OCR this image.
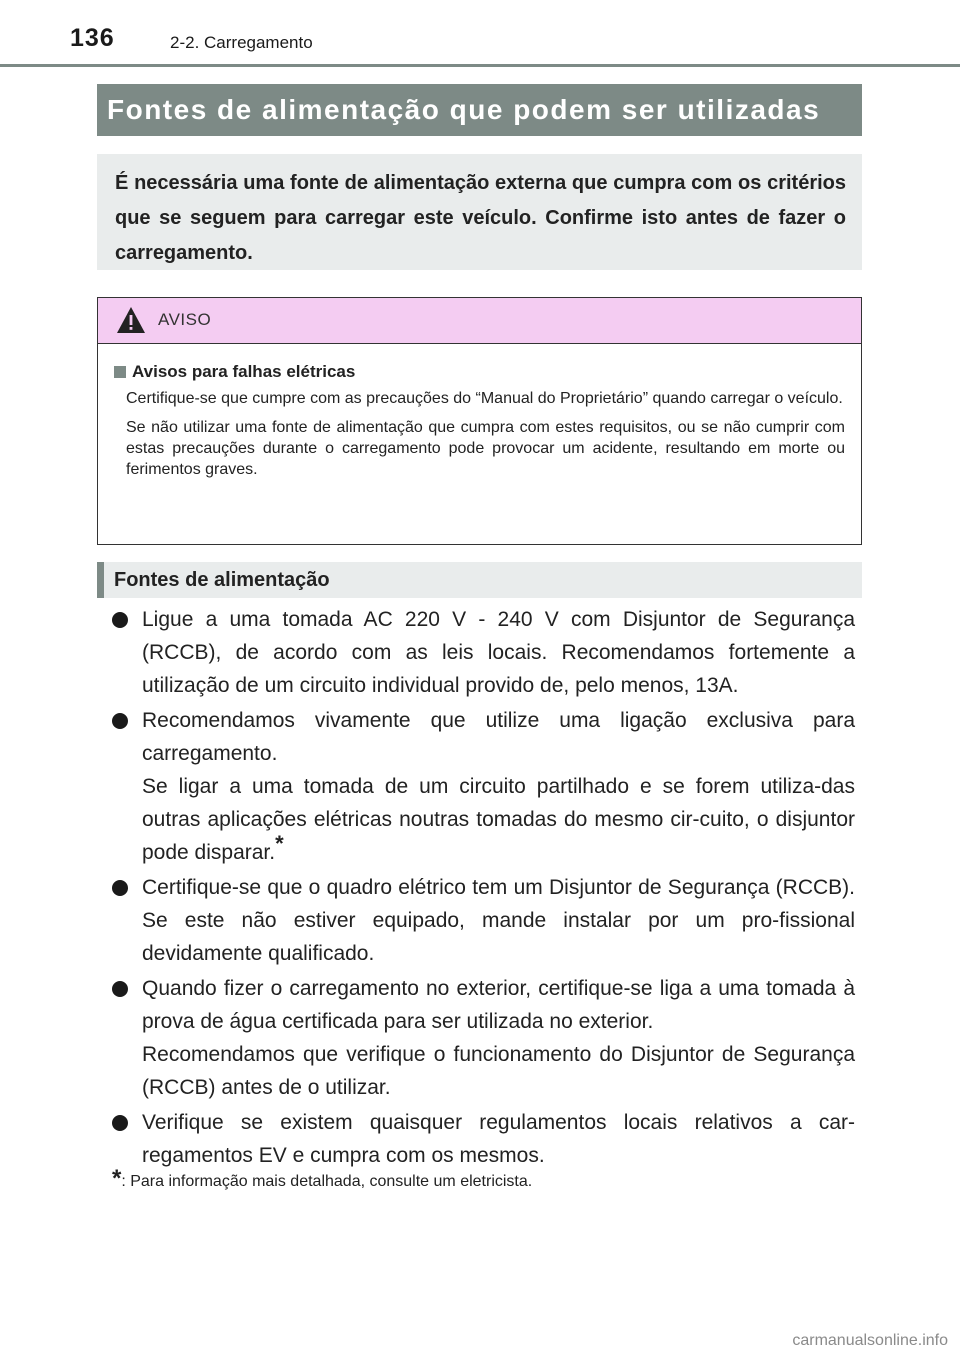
136	2-2. Carregamento
Fontes de alimentação que podem ser utilizadas

É necessária uma fonte de alimentação externa que cumpra com os critérios que se seguem para carregar este veículo. Confirme isto antes de fazer o carregamento.

AVISO
Avisos para falhas elétricas

Certifique-se que cumpre com as precauções do “Manual do Proprietário” quando carregar o veículo.

Se não utilizar uma fonte de alimentação que cumpra com estes requisitos, ou se não cumprir com estas precauções durante o carregamento pode provocar um acidente, resultando em morte ou ferimentos graves.

Fontes de alimentação

Ligue a uma tomada AC 220 V - 240 V com Disjuntor de Segurança (RCCB), de acordo com as leis locais. Recomendamos fortemente a utilização de um circuito individual provido de, pelo menos, 13A.

Recomendamos vivamente que utilize uma ligação exclusiva para carregamento.

Se ligar a uma tomada de um circuito partilhado e se forem utiliza-das outras aplicações elétricas noutras tomadas do mesmo cir-cuito, o disjuntor pode disparar.*

Certifique-se que o quadro elétrico tem um Disjuntor de Segurança (RCCB). Se este não estiver equipado, mande instalar por um pro-fissional devidamente qualificado.

Quando fizer o carregamento no exterior, certifique-se liga a uma tomada à prova de água certificada para ser utilizada no exterior.

Recomendamos que verifique o funcionamento do Disjuntor de Segurança (RCCB) antes de o utilizar.

Verifique se existem quaisquer regulamentos locais relativos a car-regamentos EV e cumpra com os mesmos.

* : Para informação mais detalhada, consulte um eletricista.
carmanualsonline.info
